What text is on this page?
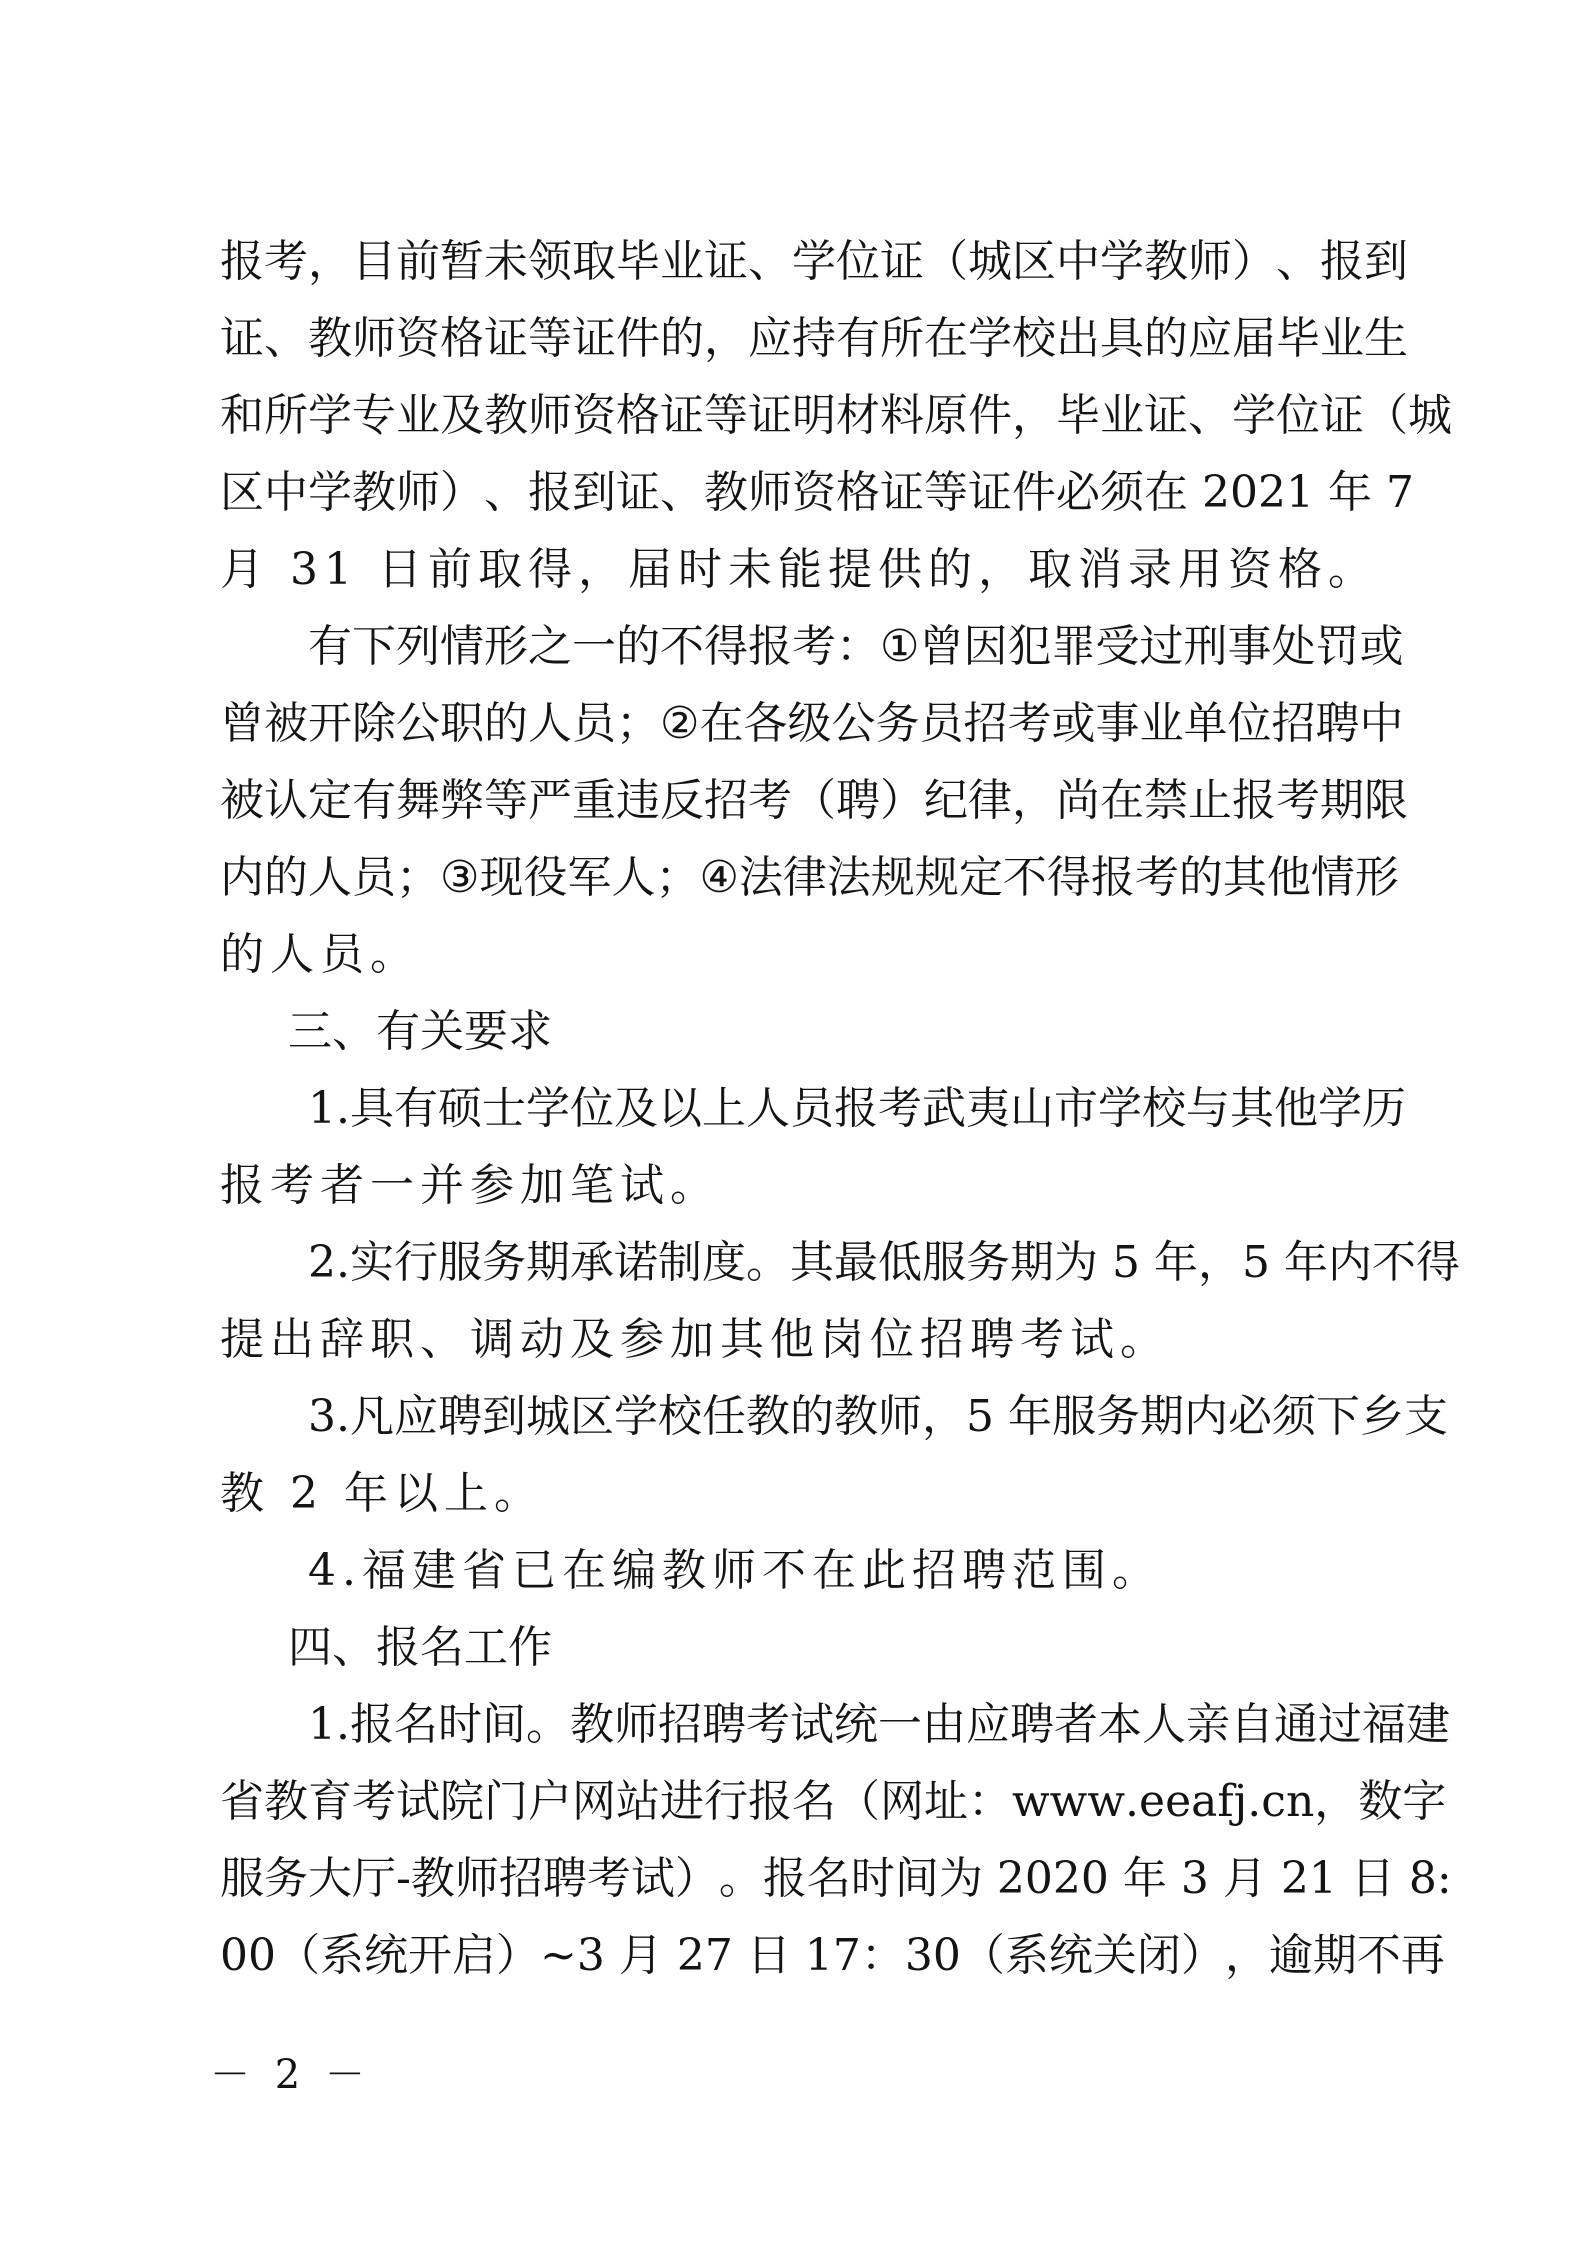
报 考 ， 目 前 暂 未 领 取 毕 业 证 、 学 位 证 （ 城 区 中 学 教 师 ） 、 报 到
证 、 教 师 资 格 证 等 证 件 的 ， 应 持 有 所 在 学 校 出 具 的 应 届 毕 业 生
和 所 学 专 业 及 教 师 资 格 证 等 证 明 材 料 原 件 ， 毕 业 证 、 学 位 证 （ 城
区 中 学 教 师 ） 、 报 到 证 、 教 师 资 格 证 等 证 件 必 须 在
2 0 2 1
年
7
月 31 日前取得，届时未能提供的，取消录用资格。
有 下 列 情 形 之 一 的 不 得 报 考 ： ① 曾 因 犯 罪 受 过 刑 事 处 罚 或
曾 被 开 除 公 职 的 人 员 ； ② 在 各 级 公 务 员 招 考 或 事 业 单 位 招 聘 中
被 认 定 有 舞 弊 等 严 重 违 反 招 考 （ 聘 ） 纪 律 ， 尚 在 禁 止 报 考 期 限
内 的 人 员 ； ③ 现 役 军 人 ； ④ 法 律 法 规 规 定 不 得 报 考 的 其 他 情 形
的人员。
三、有关要求
1 . 具 有 硕 士 学 位 及 以 上 人 员 报 考 武 夷 山 市 学 校 与 其 他 学 历
报考者一并参加笔试。
2 . 实 行 服 务 期 承 诺 制 度 。 其 最 低 服 务 期 为
5
年 ， 5
年 内 不 得
提出辞职、调动及参加其他岗位招聘考试。
3 . 凡 应 聘 到 城 区 学 校 任 教 的 教 师 ， 5
年 服 务 期 内 必 须 下 乡 支
教 2 年以上。
4.福建省已在编教师不在此招聘范围。
四、报名工作
1 . 报 名 时 间 。 教 师 招 聘 考 试 统 一 由 应 聘 者 本 人 亲 自 通 过 福 建
省 教 育 考 试 院 门 户 网 站 进 行 报 名 （ 网 址 ： w w w . e e a f j . c n ， 数 字
服 务 大 厅 - 教 师 招 聘 考 试 ） 。 报 名 时 间 为
2 0 2 0
年
3
月
2 1
日
8 :
0 0 （ 系 统 开 启 ） ~ 3
月
2 7
日
1 7 ： 3 0 （ 系 统 关 闭 ） ， 逾 期 不 再
－ 2 －
